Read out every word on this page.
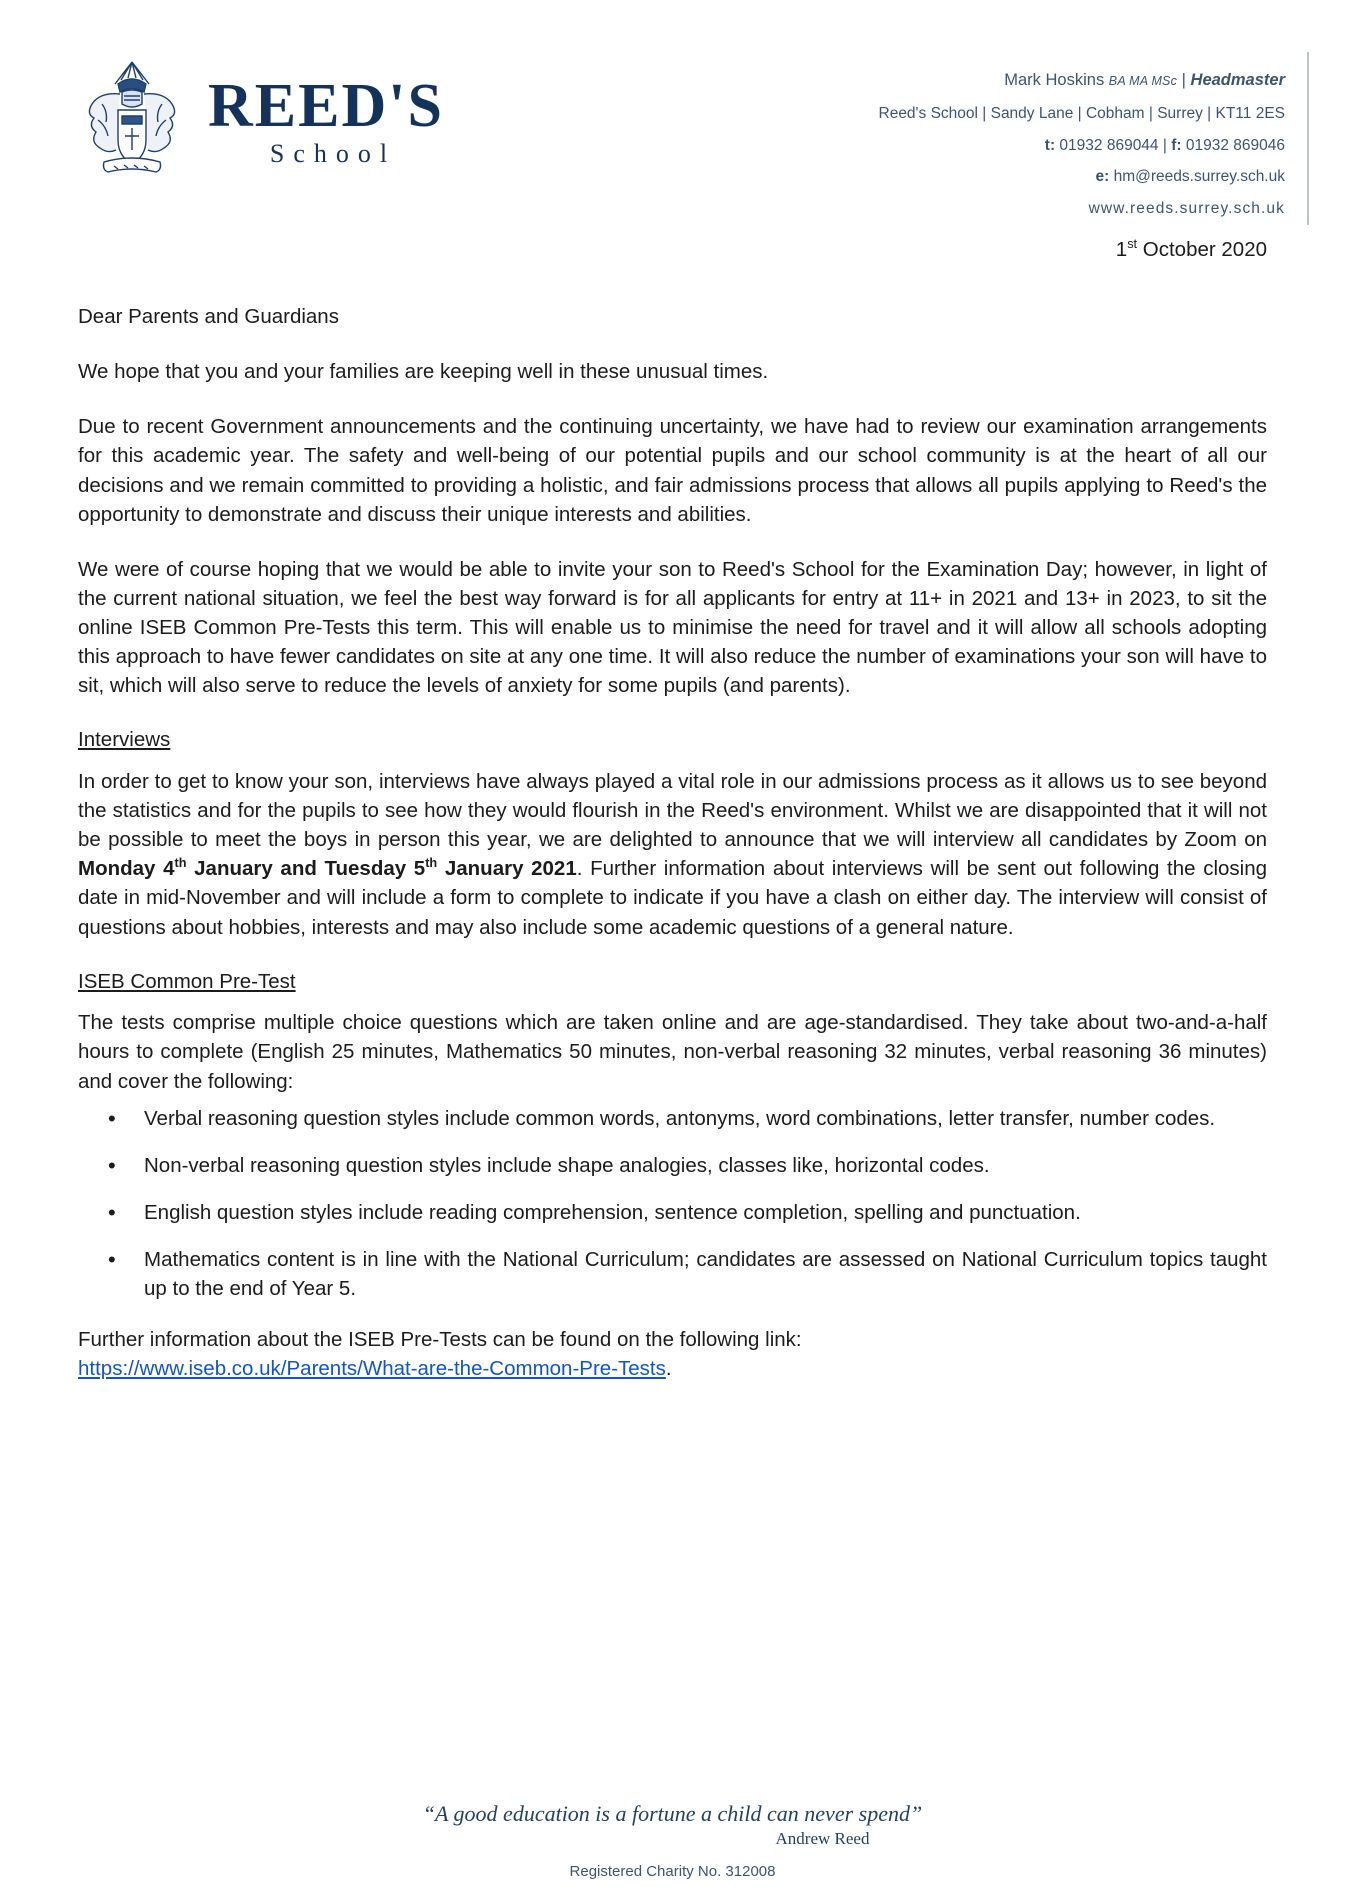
REED'S
School
Mark Hoskins BA MA MSc | Headmaster
Reed's School | Sandy Lane | Cobham | Surrey | KT11 2ES
t: 01932 869044 | f: 01932 869046
e: hm@reeds.surrey.sch.uk
www.reeds.surrey.sch.uk
1st October 2020

Dear Parents and Guardians

We hope that you and your families are keeping well in these unusual times.

Due to recent Government announcements and the continuing uncertainty, we have had to review our examination arrangements for this academic year. The safety and well-being of our potential pupils and our school community is at the heart of all our decisions and we remain committed to providing a holistic, and fair admissions process that allows all pupils applying to Reed's the opportunity to demonstrate and discuss their unique interests and abilities.

We were of course hoping that we would be able to invite your son to Reed's School for the Examination Day; however, in light of the current national situation, we feel the best way forward is for all applicants for entry at 11+ in 2021 and 13+ in 2023, to sit the online ISEB Common Pre-Tests this term. This will enable us to minimise the need for travel and it will allow all schools adopting this approach to have fewer candidates on site at any one time. It will also reduce the number of examinations your son will have to sit, which will also serve to reduce the levels of anxiety for some pupils (and parents).

Interviews

In order to get to know your son, interviews have always played a vital role in our admissions process as it allows us to see beyond the statistics and for the pupils to see how they would flourish in the Reed's environment. Whilst we are disappointed that it will not be possible to meet the boys in person this year, we are delighted to announce that we will interview all candidates by Zoom on Monday 4th January and Tuesday 5th January 2021. Further information about interviews will be sent out following the closing date in mid-November and will include a form to complete to indicate if you have a clash on either day. The interview will consist of questions about hobbies, interests and may also include some academic questions of a general nature.

ISEB Common Pre-Test

The tests comprise multiple choice questions which are taken online and are age-standardised. They take about two-and-a-half hours to complete (English 25 minutes, Mathematics 50 minutes, non-verbal reasoning 32 minutes, verbal reasoning 36 minutes) and cover the following:

• Verbal reasoning question styles include common words, antonyms, word combinations, letter transfer, number codes.
• Non-verbal reasoning question styles include shape analogies, classes like, horizontal codes.
• English question styles include reading comprehension, sentence completion, spelling and punctuation.
• Mathematics content is in line with the National Curriculum; candidates are assessed on National Curriculum topics taught up to the end of Year 5.

Further information about the ISEB Pre-Tests can be found on the following link:
https://www.iseb.co.uk/Parents/What-are-the-Common-Pre-Tests.

“A good education is a fortune a child can never spend”
Andrew Reed
Registered Charity No. 312008
